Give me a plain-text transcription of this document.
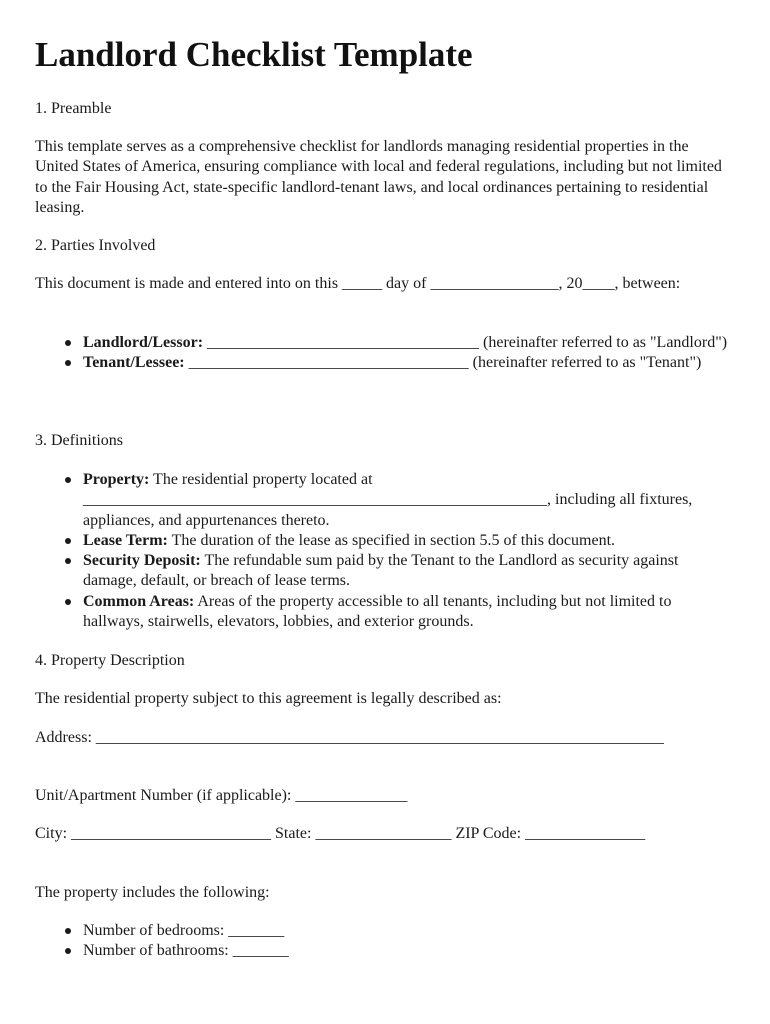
Landlord Checklist Template

1. Preamble

This template serves as a comprehensive checklist for landlords managing residential properties in the United States of America, ensuring compliance with local and federal regulations, including but not limited to the Fair Housing Act, state-specific landlord-tenant laws, and local ordinances pertaining to residential leasing.

2. Parties Involved

This document is made and entered into on this _____ day of ________________, 20____, between:

Landlord/Lessor: __________________________________ (hereinafter referred to as "Landlord")
Tenant/Lessee: ___________________________________ (hereinafter referred to as "Tenant")

3. Definitions

Property: The residential property located at __________________________________________________________, including all fixtures, appliances, and appurtenances thereto.
Lease Term: The duration of the lease as specified in section 5.5 of this document.
Security Deposit: The refundable sum paid by the Tenant to the Landlord as security against damage, default, or breach of lease terms.
Common Areas: Areas of the property accessible to all tenants, including but not limited to hallways, stairwells, elevators, lobbies, and exterior grounds.

4. Property Description

The residential property subject to this agreement is legally described as:

Address: _______________________________________________________________________

Unit/Apartment Number (if applicable): ______________

City: _________________________ State: _________________ ZIP Code: _______________

The property includes the following:

Number of bedrooms: _______
Number of bathrooms: _______
